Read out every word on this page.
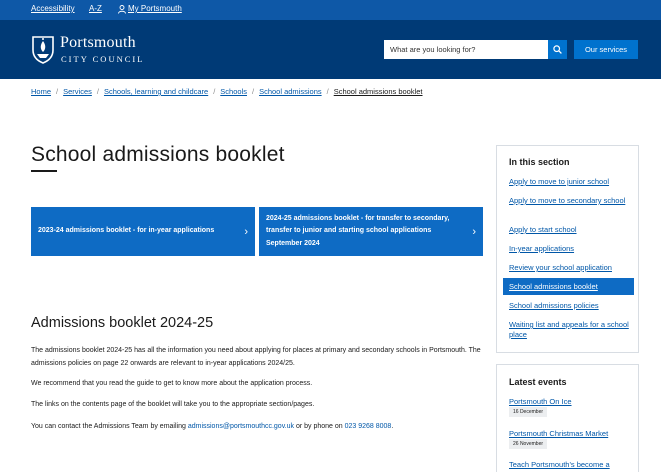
Accessibility A-Z	My Portsmouth
Portsmouth
CITY COUNCIL
What are you looking for?
Our services
Home / Services / Schools, learning and childcare / Schools / School admissions / School admissions booklet
School admissions booklet
2023-24 admissions booklet - for in-year applications	›
2024-25 admissions booklet - for transfer to secondary, transfer to junior and starting school applications September 2024
›
Admissions booklet 2024-25

The admissions booklet 2024-25 has all the information you need about applying for places at primary and secondary schools in Portsmouth. The admissions policies on page 22 onwards are relevant to in-year applications 2024/25.

We recommend that you read the guide to get to know more about the application process.

The links on the contents page of the booklet will take you to the appropriate section/pages.

You can contact the Admissions Team by emailing admissions@portsmouthcc.gov.uk or by phone on 023 9268 8008.

In this section
Apply to move to junior school
Apply to move to secondary school
Apply to start school
In-year applications
Review your school application
School admissions booklet
School admissions policies
Waiting list and appeals for a school place
Latest events
Portsmouth On Ice
16 December
Portsmouth Christmas Market
26 November
Teach Portsmouth's become a
